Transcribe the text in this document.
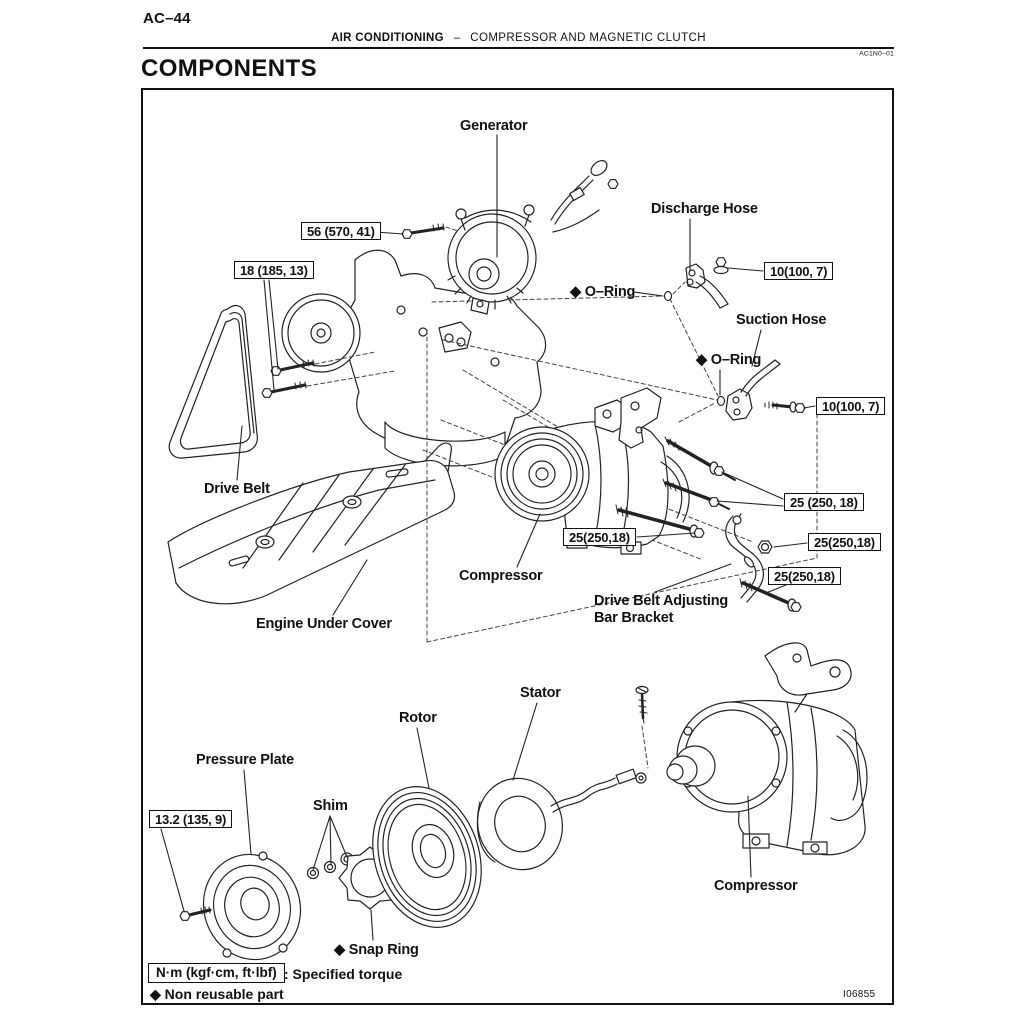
AC–44
AIR CONDITIONING – COMPRESSOR AND MAGNETIC CLUTCH
AC1N0–01
COMPONENTS
Generator
Discharge Hose
◆ O–Ring
Suction Hose
◆ O–Ring
Drive Belt
Compressor
Engine Under Cover
Drive Belt Adjusting
Bar Bracket
Pressure Plate
Shim
Rotor
Stator
◆ Snap Ring
Compressor
56 (570, 41)
18 (185, 13)	10(100, 7)
10(100, 7)
25 (250, 18)
25(250,18)	25(250,18)
25(250,18)
13.2 (135, 9)
N·m (kgf·cm, ft·lbf) : Specified torque
◆ Non reusable part	I06855
